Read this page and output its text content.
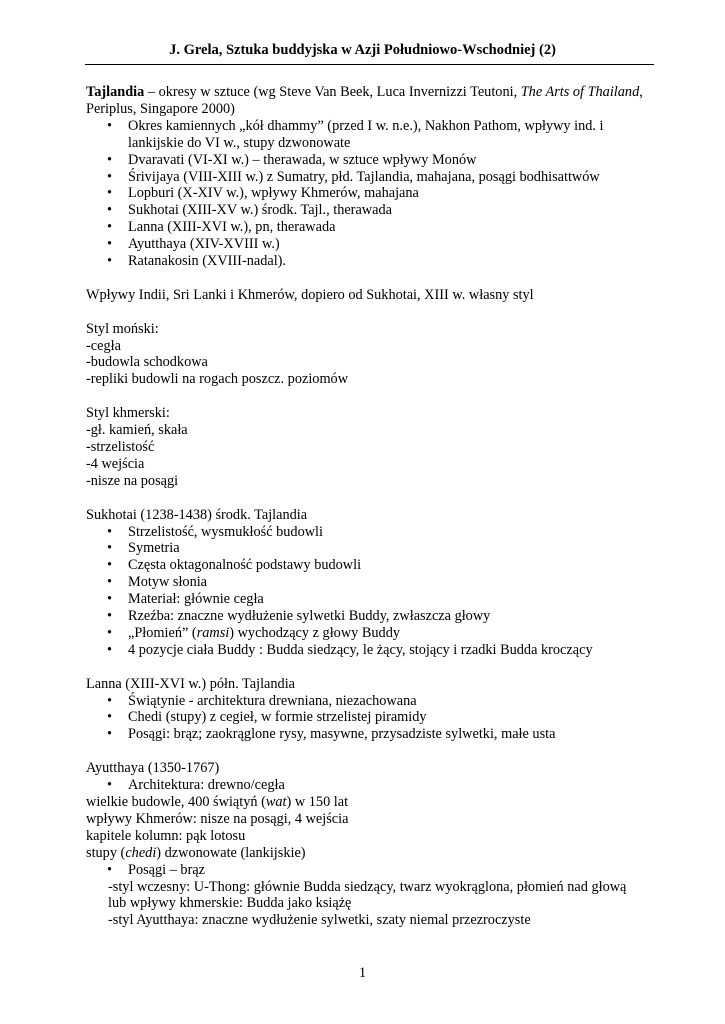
J. Grela, Sztuka buddyjska w Azji Południowo-Wschodniej (2)

Tajlandia – okresy w sztuce (wg Steve Van Beek, Luca Invernizzi Teutoni, The Arts of Thailand, Periplus, Singapore 2000)

• Okres kamiennych „kół dhammy” (przed I w. n.e.), Nakhon Pathom, wpływy ind. i lankijskie do VI w., stupy dzwonowate
• Dvaravati (VI-XI w.) – therawada, w sztuce wpływy Monów
• Śrivijaya (VIII-XIII w.) z Sumatry, płd. Tajlandia, mahajana, posągi bodhisattwów
• Lopburi (X-XIV w.), wpływy Khmerów, mahajana
• Sukhotai (XIII-XV w.) środk. Tajl., therawada
• Lanna (XIII-XVI w.), pn, therawada
• Ayutthaya (XIV-XVIII w.)
• Ratanakosin (XVIII-nadal).

Wpływy Indii, Sri Lanki i Khmerów, dopiero od Sukhotai, XIII w. własny styl

Styl moński:

-cegła

-budowla schodkowa

-repliki budowli na rogach poszcz. poziomów

Styl khmerski:

-gł. kamień, skała

-strzelistość

-4 wejścia

-nisze na posągi

Sukhotai (1238-1438) środk. Tajlandia

• Strzelistość, wysmukłość budowli
• Symetria
• Częsta oktagonalność podstawy budowli
• Motyw słonia
• Materiał: głównie cegła
• Rzeźba: znaczne wydłużenie sylwetki Buddy, zwłaszcza głowy
• „Płomień” (ramsi) wychodzący z głowy Buddy
• 4 pozycje ciała Buddy : Budda siedzący, le żący, stojący i rzadki Budda kroczący

Lanna (XIII-XVI w.) półn. Tajlandia

• Świątynie - architektura drewniana, niezachowana
• Chedi (stupy) z cegieł, w formie strzelistej piramidy
• Posągi: brąz; zaokrąglone rysy, masywne, przysadziste sylwetki, małe usta

Ayutthaya (1350-1767)

• Architektura: drewno/cegła

wielkie budowle, 400 świątyń (wat) w 150 lat

wpływy Khmerów: nisze na posągi, 4 wejścia

kapitele kolumn: pąk lotosu

stupy (chedi) dzwonowate (lankijskie)

• Posągi – brąz

-styl wczesny: U-Thong: głównie Budda siedzący, twarz wyokrąglona, płomień nad głową lub wpływy khmerskie: Budda jako książę

-styl Ayutthaya: znaczne wydłużenie sylwetki, szaty niemal przezroczyste

1
